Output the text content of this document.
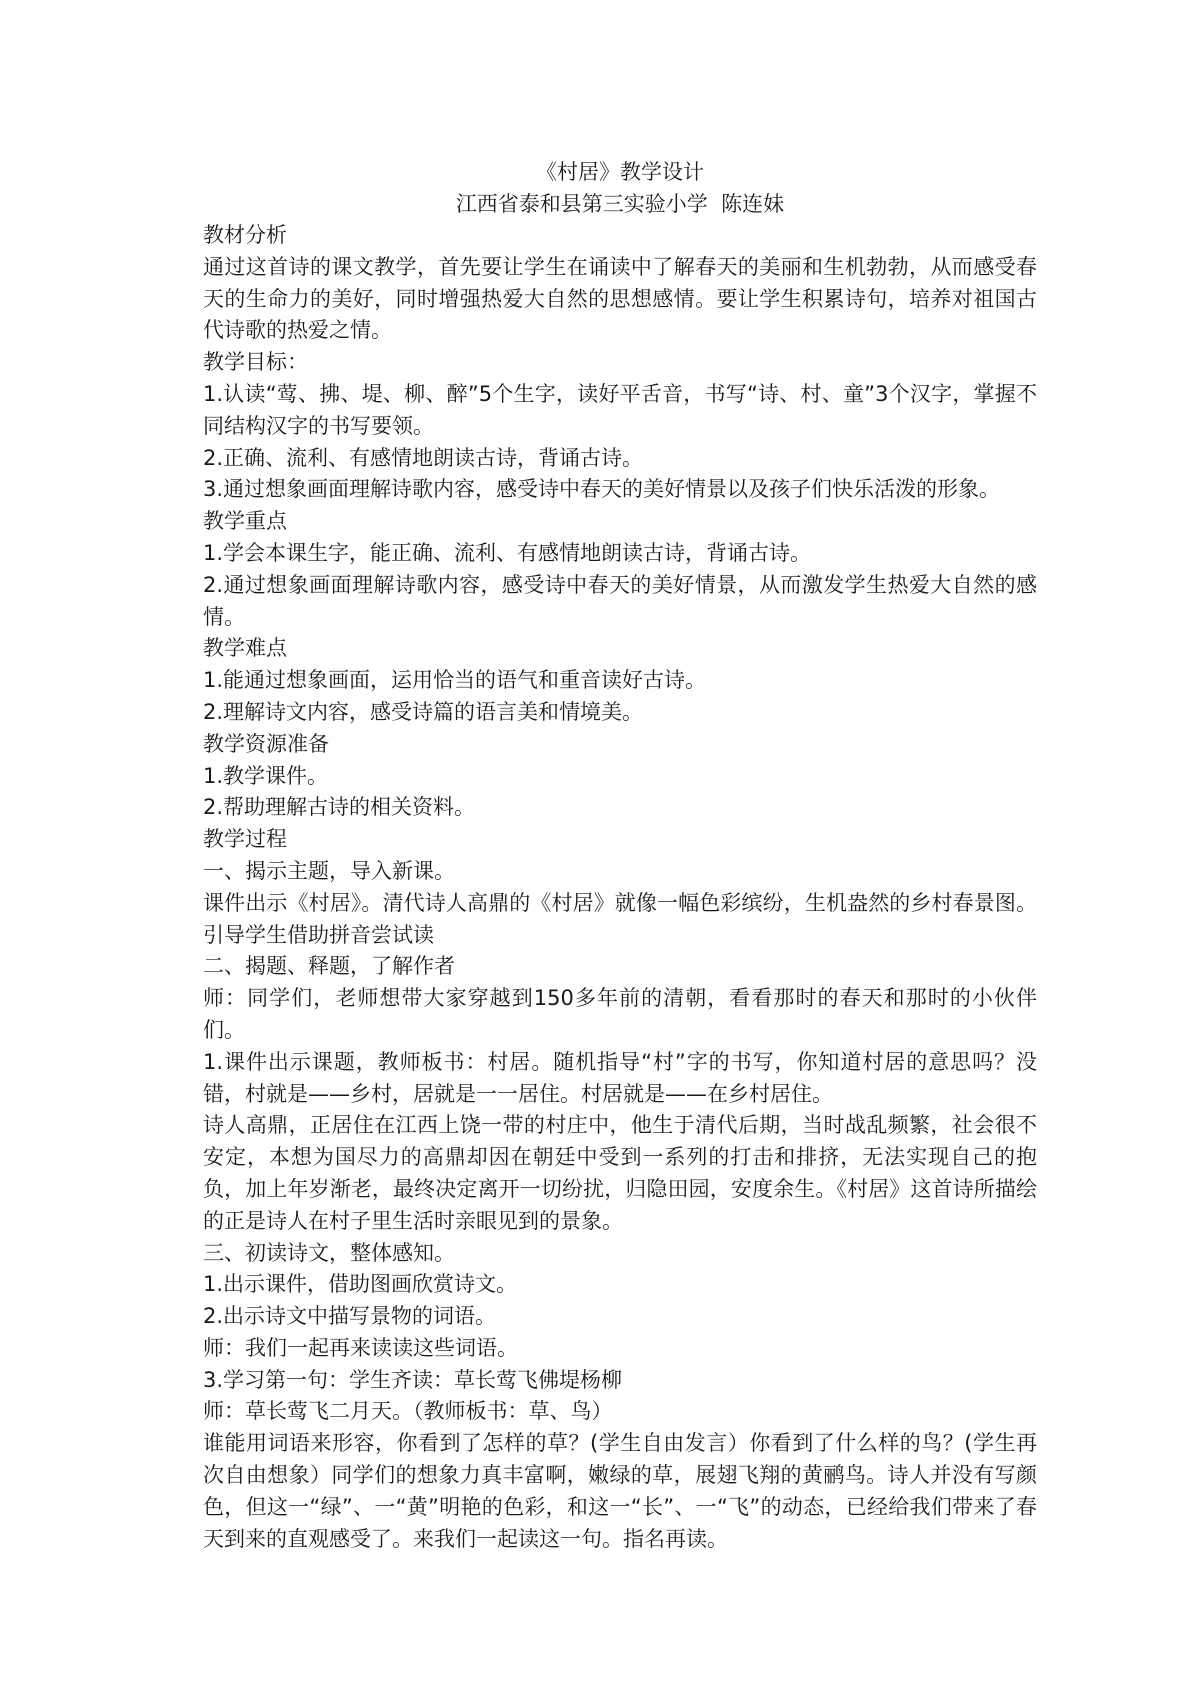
《村居》教学设计
江西省泰和县第三实验小学  陈连妹

教材分析

通过这首诗的课文教学，首先要让学生在诵读中了解春天的美丽和生机勃勃，从而感受春天的生命力的美好，同时增强热爱大自然的思想感情。要让学生积累诗句，培养对祖国古代诗歌的热爱之情。

教学目标：

1.认读“莺、拂、堤、柳、醉”5个生字，读好平舌音，书写“诗、村、童”3个汉字，掌握不同结构汉字的书写要领。

2.正确、流利、有感情地朗读古诗，背诵古诗。

3.通过想象画面理解诗歌内容，感受诗中春天的美好情景以及孩子们快乐活泼的形象。

教学重点

1.学会本课生字，能正确、流利、有感情地朗读古诗，背诵古诗。

2.通过想象画面理解诗歌内容，感受诗中春天的美好情景，从而激发学生热爱大自然的感情。

教学难点

1.能通过想象画面，运用恰当的语气和重音读好古诗。

2.理解诗文内容，感受诗篇的语言美和情境美。

教学资源准备

1.教学课件。

2.帮助理解古诗的相关资料。

教学过程

一、揭示主题，导入新课。

课件出示《村居》。清代诗人高鼎的《村居》就像一幅色彩缤纷，生机盎然的乡村春景图。引导学生借助拼音尝试读

二、揭题、释题，了解作者

师：同学们，老师想带大家穿越到150多年前的清朝，看看那时的春天和那时的小伙伴们。

1.课件出示课题，教师板书：村居。随机指导“村”字的书写，你知道村居的意思吗？没错，村就是——乡村，居就是一一居住。村居就是——在乡村居住。

诗人高鼎，正居住在江西上饶一带的村庄中，他生于清代后期，当时战乱频繁，社会很不安定，本想为国尽力的高鼎却因在朝廷中受到一系列的打击和排挤，无法实现自己的抱负，加上年岁渐老，最终决定离开一切纷扰，归隐田园，安度余生。《村居》这首诗所描绘的正是诗人在村子里生活时亲眼见到的景象。

三、初读诗文，整体感知。

1.出示课件，借助图画欣赏诗文。

2.出示诗文中描写景物的词语。

师：我们一起再来读读这些词语。

3.学习第一句：学生齐读：草长莺飞佛堤杨柳

师：草长莺飞二月天。（教师板书：草、鸟）

谁能用词语来形容，你看到了怎样的草？(学生自由发言）你看到了什么样的鸟？(学生再次自由想象）同学们的想象力真丰富啊，嫩绿的草，展翅飞翔的黄鹂鸟。诗人并没有写颜色，但这一“绿”、一“黄”明艳的色彩，和这一“长”、一“飞”的动态，已经给我们带来了春天到来的直观感受了。来我们一起读这一句。指名再读。
